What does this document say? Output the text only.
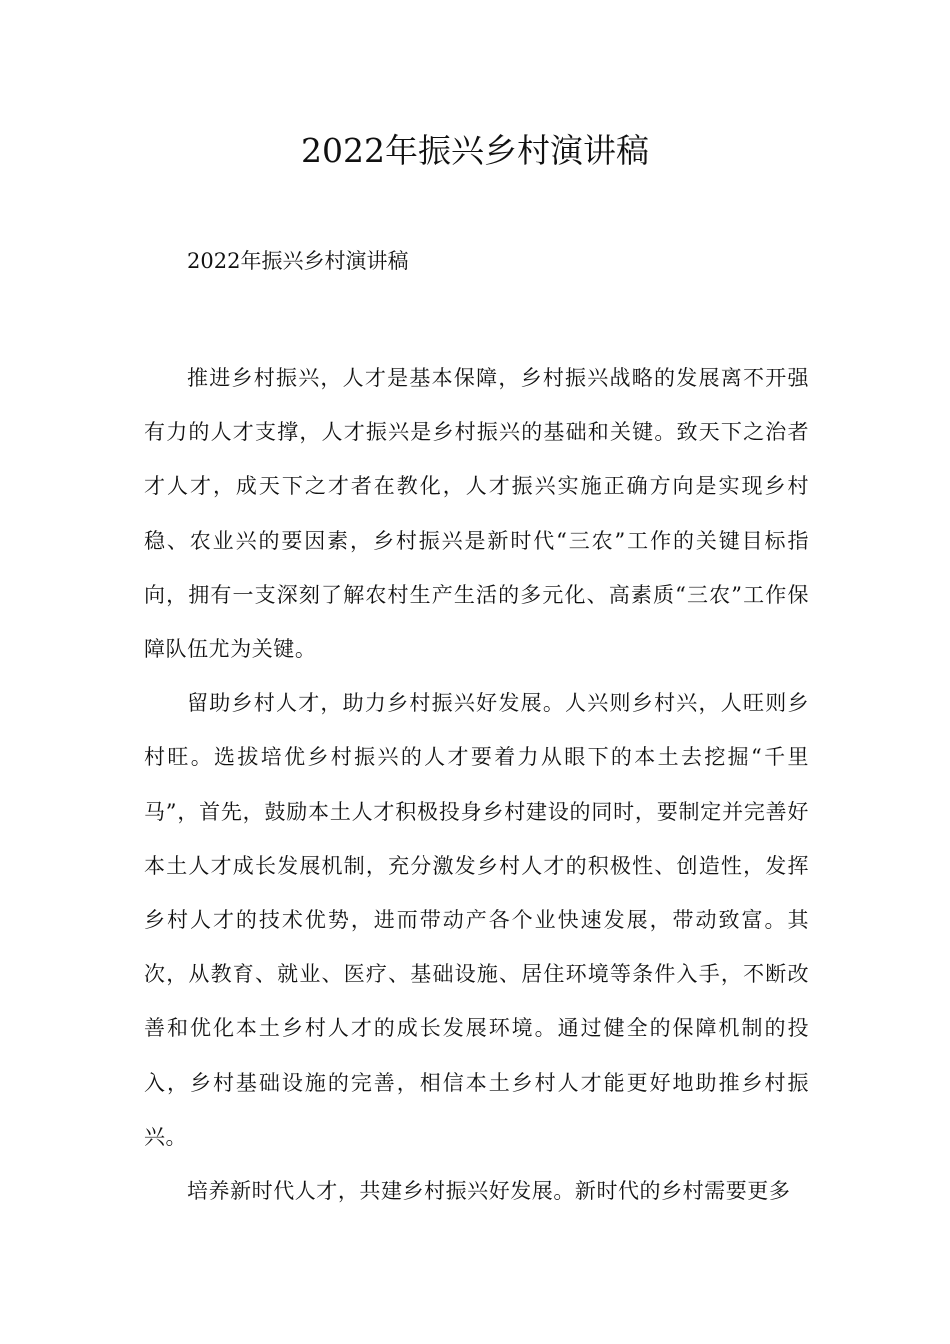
2022年振兴乡村演讲稿
2022年振兴乡村演讲稿

推进乡村振兴，人才是基本保障，乡村振兴战略的发展离不开强有力的人才支撑，人才振兴是乡村振兴的基础和关键。致天下之治者才人才，成天下之才者在教化，人才振兴实施正确方向是实现乡村稳、农业兴的要因素，乡村振兴是新时代“三农”工作的关键目标指向，拥有一支深刻了解农村生产生活的多元化、高素质“三农”工作保障队伍尤为关键。

留助乡村人才，助力乡村振兴好发展。人兴则乡村兴，人旺则乡村旺。选拔培优乡村振兴的人才要着力从眼下的本土去挖掘“千里马”，首先，鼓励本土人才积极投身乡村建设的同时，要制定并完善好本土人才成长发展机制，充分激发乡村人才的积极性、创造性，发挥乡村人才的技术优势，进而带动产各个业快速发展，带动致富。其次，从教育、就业、医疗、基础设施、居住环境等条件入手，不断改善和优化本土乡村人才的成长发展环境。通过健全的保障机制的投入，乡村基础设施的完善，相信本土乡村人才能更好地助推乡村振兴。

培养新时代人才，共建乡村振兴好发展。新时代的乡村需要更多
